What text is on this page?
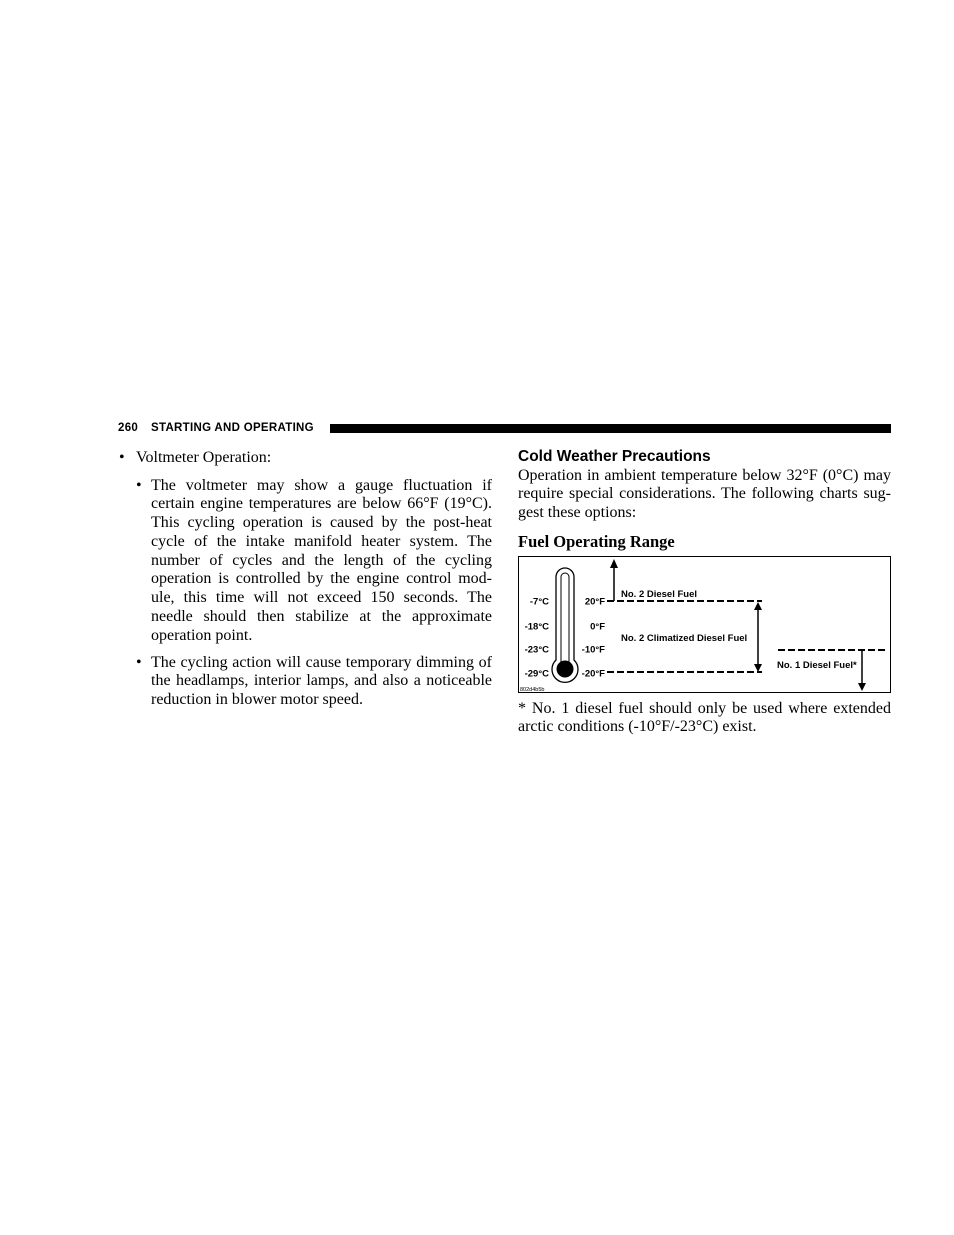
260 STARTING AND OPERATING
• Voltmeter Operation:
• The voltmeter may show a gauge fluctuation if
certain engine temperatures are below 66°F (19°C).
This cycling operation is caused by the post-heat
cycle of the intake manifold heater system. The
number of cycles and the length of the cycling
operation is controlled by the engine control mod-
ule, this time will not exceed 150 seconds. The
needle should then stabilize at the approximate
operation point.
• The cycling action will cause temporary dimming of
the headlamps, interior lamps, and also a noticeable
reduction in blower motor speed.
Cold Weather Precautions
Operation in ambient temperature below 32°F (0°C) may
require special considerations. The following charts sug-
gest these options:
Fuel Operating Range
-7°C
-18°C
-23°C
-29°C
20°F
0°F
-10°F
-20°F
No. 2 Diesel Fuel
No. 2 Climatized Diesel Fuel
No. 1 Diesel Fuel*
802d4b5b
* No. 1 diesel fuel should only be used where extended
arctic conditions (-10°F/-23°C) exist.
